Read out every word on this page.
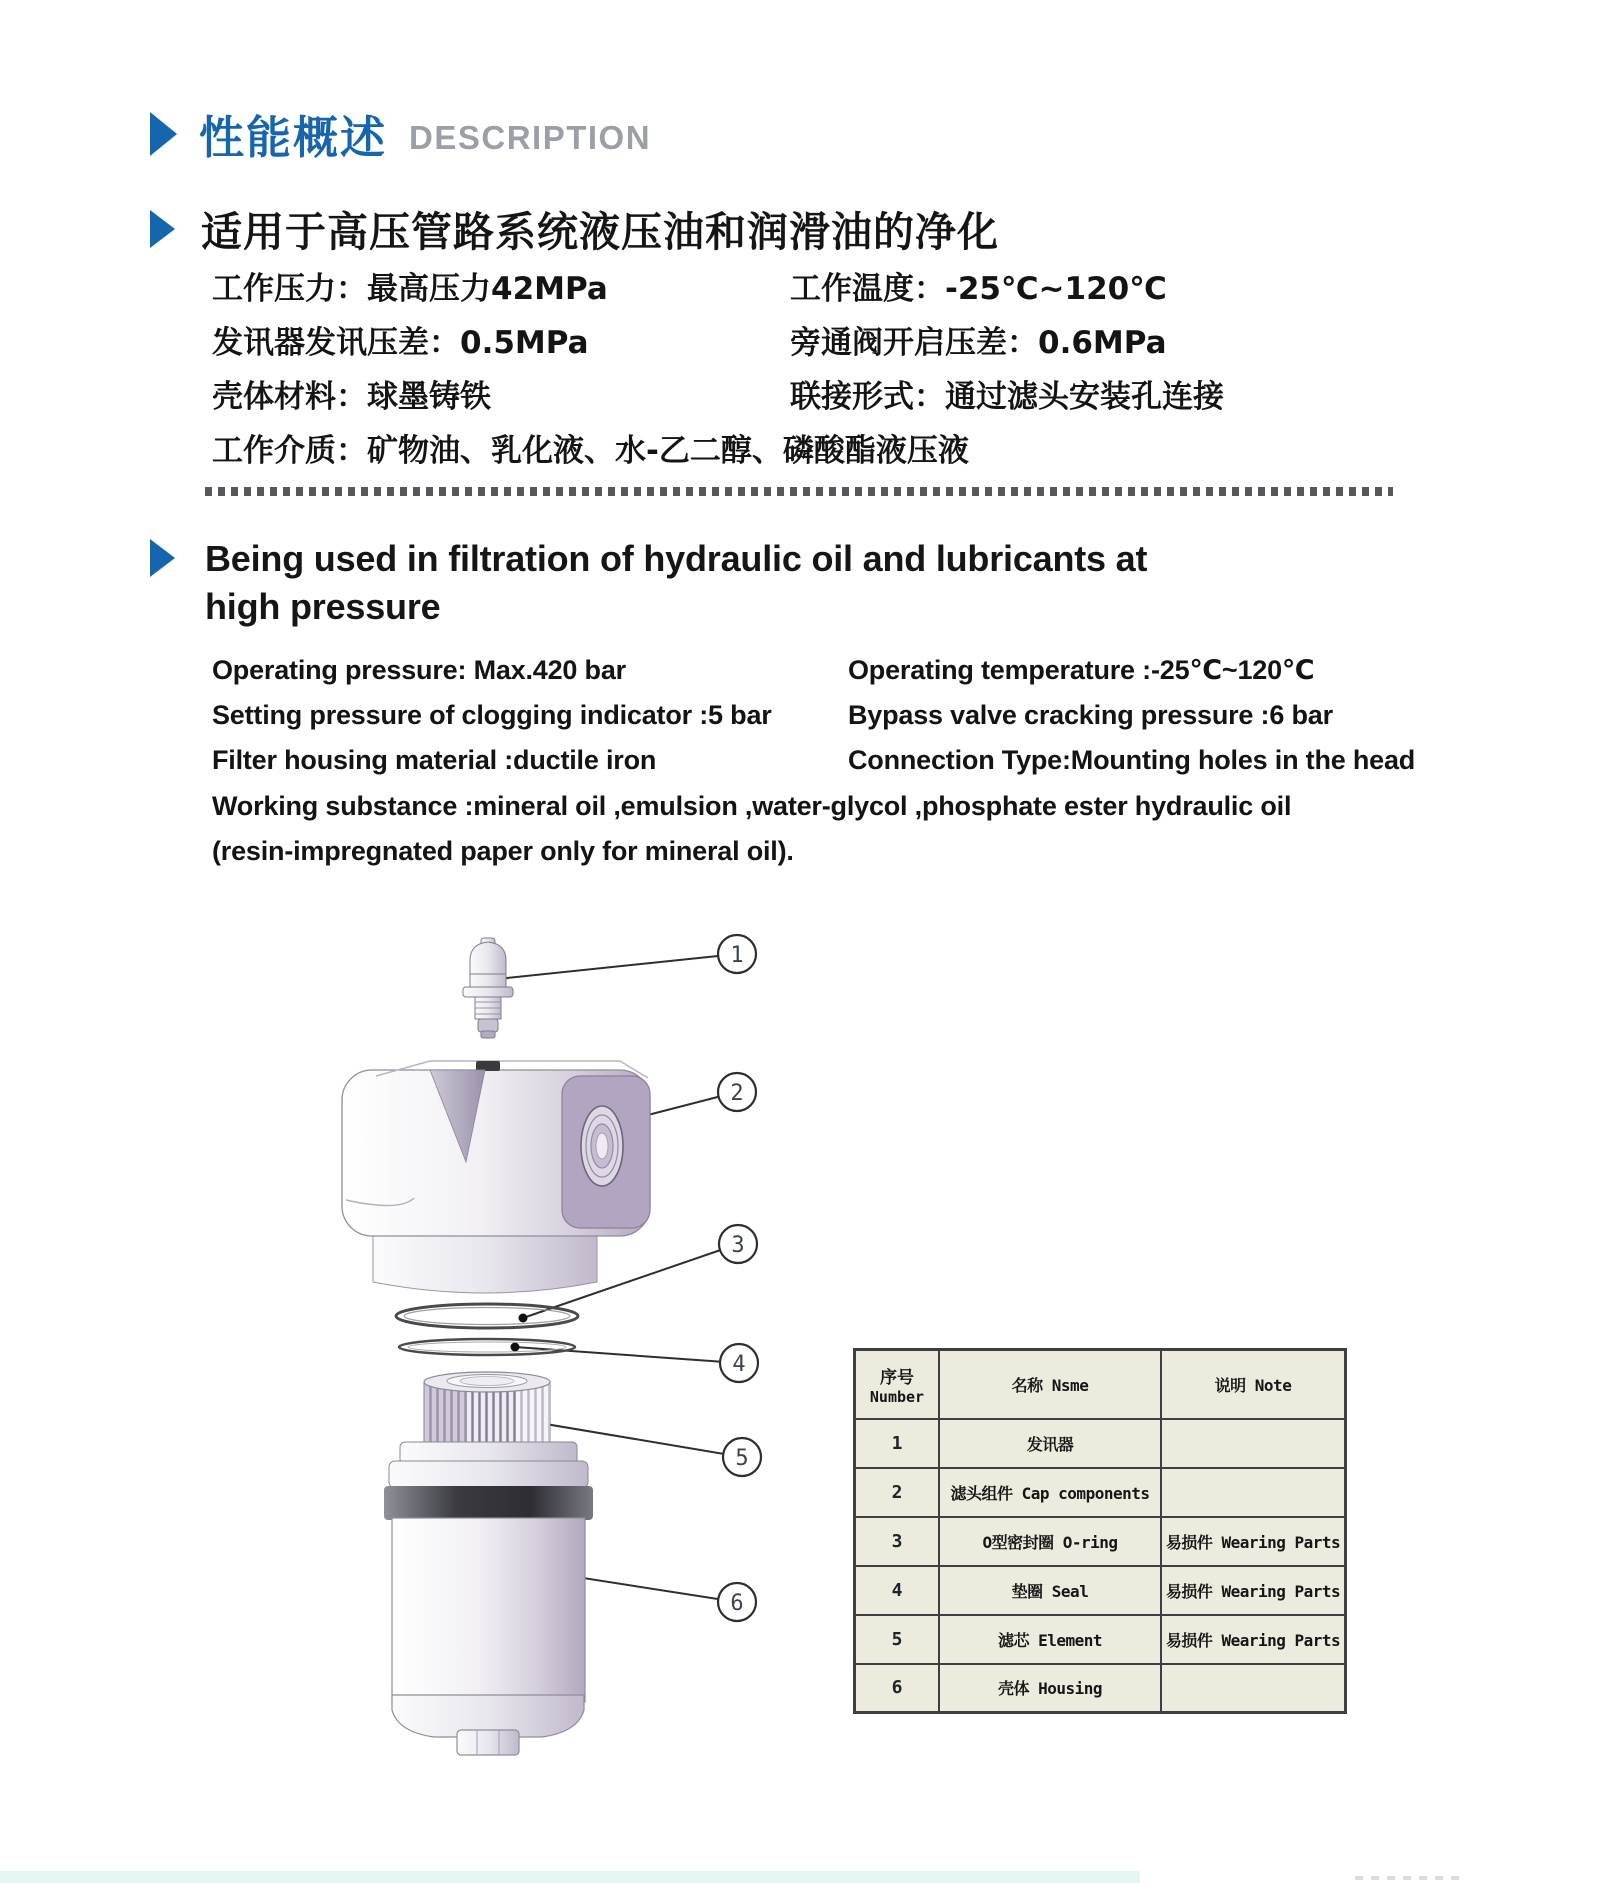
性能概述 DESCRIPTION
适用于高压管路系统液压油和润滑油的净化
工作压力：最高压力42MPa	工作温度：-25℃~120℃
发讯器发讯压差：0.5MPa	旁通阀开启压差：0.6MPa
壳体材料：球墨铸铁	联接形式：通过滤头安装孔连接
工作介质：矿物油、乳化液、水-乙二醇、磷酸酯液压液
Being used in filtration of hydraulic oil and lubricants at
high pressure
Operating pressure: Max.420 bar	Operating temperature :-25℃~120℃
Setting pressure of clogging indicator :5 bar	Bypass valve cracking pressure :6 bar
Filter housing material :ductile iron	Connection Type:Mounting holes in the head
Working substance :mineral oil ,emulsion ,water-glycol ,phosphate ester hydraulic oil
(resin-impregnated paper only for mineral oil).
1
2
3
4
5
6
序号
Number	名称 Nsme	说明 Note
1	发讯器	
2	滤头组件 Cap components	
3	O型密封圈 O-ring	易损件 Wearing Parts
4	垫圈 Seal	易损件 Wearing Parts
5	滤芯 Element	易损件 Wearing Parts
6	壳体 Housing	
